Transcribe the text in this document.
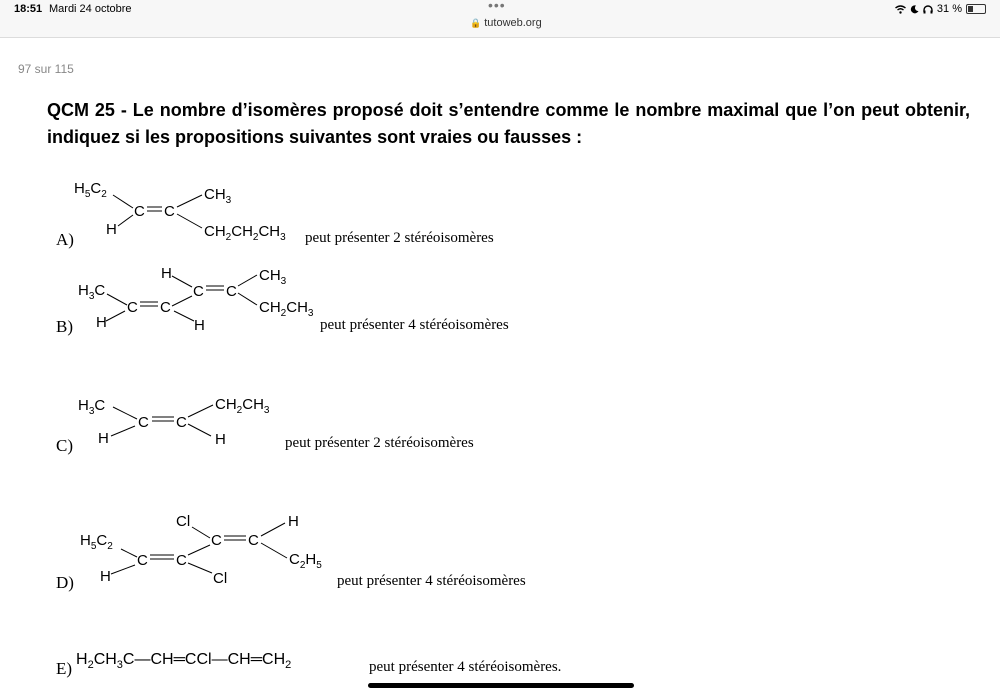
18:51 Mardi 24 octobre	•••
🔒 tutoweb.org
31 %
97 sur 115
QCM 25 - Le nombre d’isomères proposé doit s’entendre comme le nombre maximal que l’on peut obtenir, indiquez si les propositions suivantes sont vraies ou fausses :
$H_5C_2$
H
C C
$CH_3$
$CH_2CH_2CH_3$
$H_3C$
H
C C
H
H
C C
$CH_3$
$CH_2CH_3$
$H_3C$
H
C C
$CH_2CH_3$
H
$H_5C_2$
H
C C
Cl
Cl
C C
H
$C_2H_5$
$H_2CH_3C—CH═CCl—CH═CH_2$
A)	peut présenter 2 stéréoisomères
B)	peut présenter 4 stéréoisomères
C)	peut présenter 2 stéréoisomères
D)	peut présenter 4 stéréoisomères
E)	peut présenter 4 stéréoisomères.
